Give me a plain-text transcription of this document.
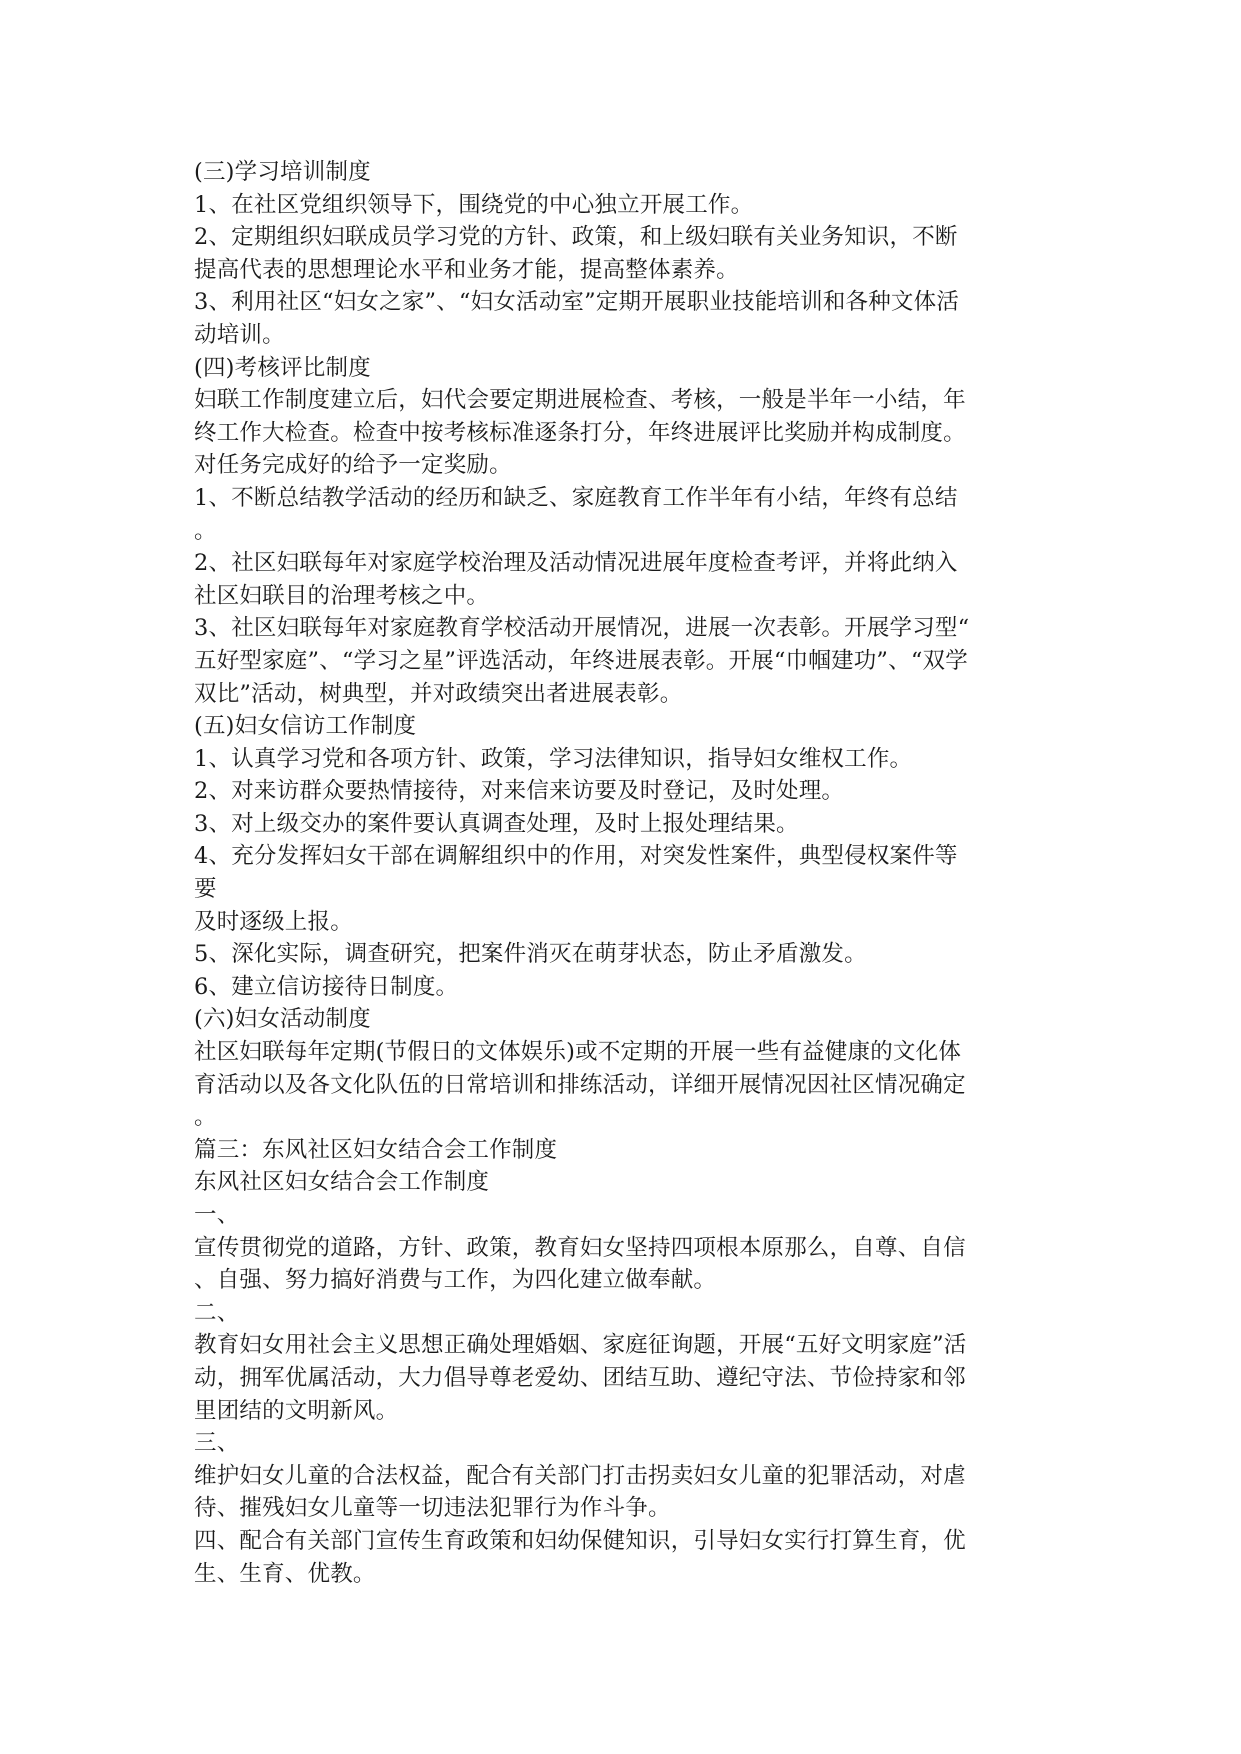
(三)学习培训制度

1、在社区党组织领导下，围绕党的中心独立开展工作。

2、定期组织妇联成员学习党的方针、政策，和上级妇联有关业务知识，不断

提高代表的思想理论水平和业务才能，提高整体素养。

3、利用社区“妇女之家”、“妇女活动室”定期开展职业技能培训和各种文体活

动培训。

(四)考核评比制度

妇联工作制度建立后，妇代会要定期进展检查、考核，一般是半年一小结，年

终工作大检查。检查中按考核标准逐条打分，年终进展评比奖励并构成制度。

对任务完成好的给予一定奖励。

1、不断总结教学活动的经历和缺乏、家庭教育工作半年有小结，年终有总结

。

2、社区妇联每年对家庭学校治理及活动情况进展年度检查考评，并将此纳入

社区妇联目的治理考核之中。

3、社区妇联每年对家庭教育学校活动开展情况，进展一次表彰。开展学习型“

五好型家庭”、“学习之星”评选活动，年终进展表彰。开展“巾帼建功”、“双学

双比”活动，树典型，并对政绩突出者进展表彰。

(五)妇女信访工作制度

1、认真学习党和各项方针、政策，学习法律知识，指导妇女维权工作。

2、对来访群众要热情接待，对来信来访要及时登记，及时处理。

3、对上级交办的案件要认真调查处理，及时上报处理结果。

4、充分发挥妇女干部在调解组织中的作用，对突发性案件，典型侵权案件等

要

及时逐级上报。

5、深化实际，调查研究，把案件消灭在萌芽状态，防止矛盾激发。

6、建立信访接待日制度。

(六)妇女活动制度

社区妇联每年定期(节假日的文体娱乐)或不定期的开展一些有益健康的文化体

育活动以及各文化队伍的日常培训和排练活动，详细开展情况因社区情况确定

。

篇三：东风社区妇女结合会工作制度

东风社区妇女结合会工作制度

一、

宣传贯彻党的道路，方针、政策，教育妇女坚持四项根本原那么，自尊、自信

、自强、努力搞好消费与工作，为四化建立做奉献。

二、

教育妇女用社会主义思想正确处理婚姻、家庭征询题，开展“五好文明家庭”活

动，拥军优属活动，大力倡导尊老爱幼、团结互助、遵纪守法、节俭持家和邻

里团结的文明新风。

三、

维护妇女儿童的合法权益，配合有关部门打击拐卖妇女儿童的犯罪活动，对虐

待、摧残妇女儿童等一切违法犯罪行为作斗争。

四、配合有关部门宣传生育政策和妇幼保健知识，引导妇女实行打算生育，优

生、生育、优教。
